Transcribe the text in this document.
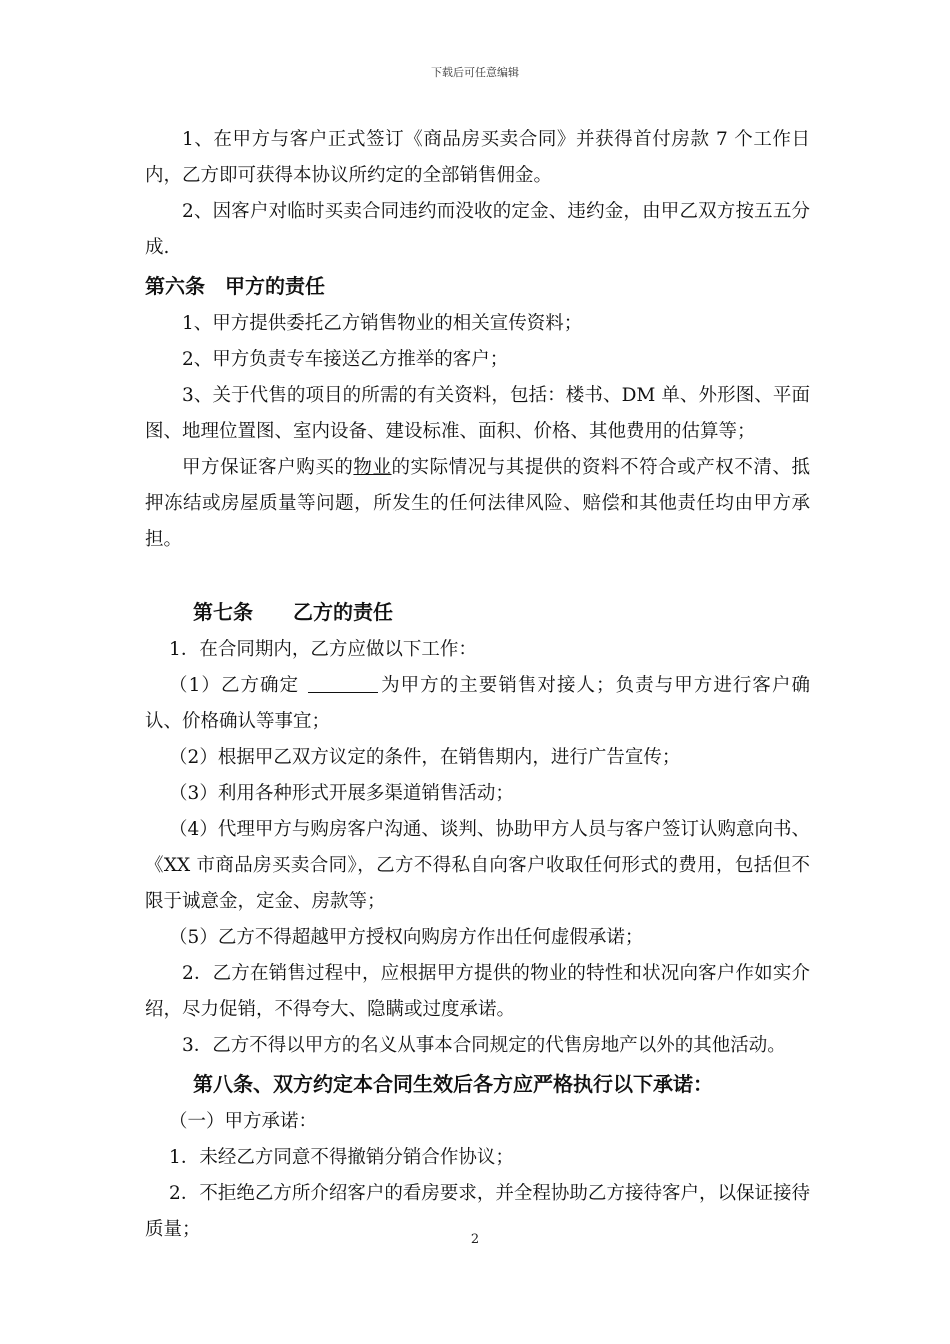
下载后可任意编辑

1、在甲方与客户正式签订《商品房买卖合同》并获得首付房款 7 个工作日内，乙方即可获得本协议所约定的全部销售佣金。

2、因客户对临时买卖合同违约而没收的定金、违约金，由甲乙双方按五五分成.

第六条　甲方的责任

1、甲方提供委托乙方销售物业的相关宣传资料；

2、甲方负责专车接送乙方推举的客户；

3、关于代售的项目的所需的有关资料，包括：楼书、DM 单、外形图、平面图、地理位置图、室内设备、建设标准、面积、价格、其他费用的估算等；

甲方保证客户购买的物业的实际情况与其提供的资料不符合或产权不清、抵押冻结或房屋质量等问题，所发生的任何法律风险、赔偿和其他责任均由甲方承担。

第七条　　乙方的责任

1．在合同期内，乙方应做以下工作：

（1）乙方确定	为甲方的主要销售对接人；负责与甲方进行客户确认、价格确认等事宜；

（2）根据甲乙双方议定的条件，在销售期内，进行广告宣传；

（3）利用各种形式开展多渠道销售活动；

（4）代理甲方与购房客户沟通、谈判、协助甲方人员与客户签订认购意向书、《XX 市商品房买卖合同》，乙方不得私自向客户收取任何形式的费用，包括但不限于诚意金，定金、房款等；

（5）乙方不得超越甲方授权向购房方作出任何虚假承诺；

2．乙方在销售过程中，应根据甲方提供的物业的特性和状况向客户作如实介绍，尽力促销，不得夸大、隐瞒或过度承诺。

3．乙方不得以甲方的名义从事本合同规定的代售房地产以外的其他活动。

第八条、双方约定本合同生效后各方应严格执行以下承诺：

（一）甲方承诺：

1．未经乙方同意不得撤销分销合作协议；

2．不拒绝乙方所介绍客户的看房要求，并全程协助乙方接待客户，以保证接待质量；	2
